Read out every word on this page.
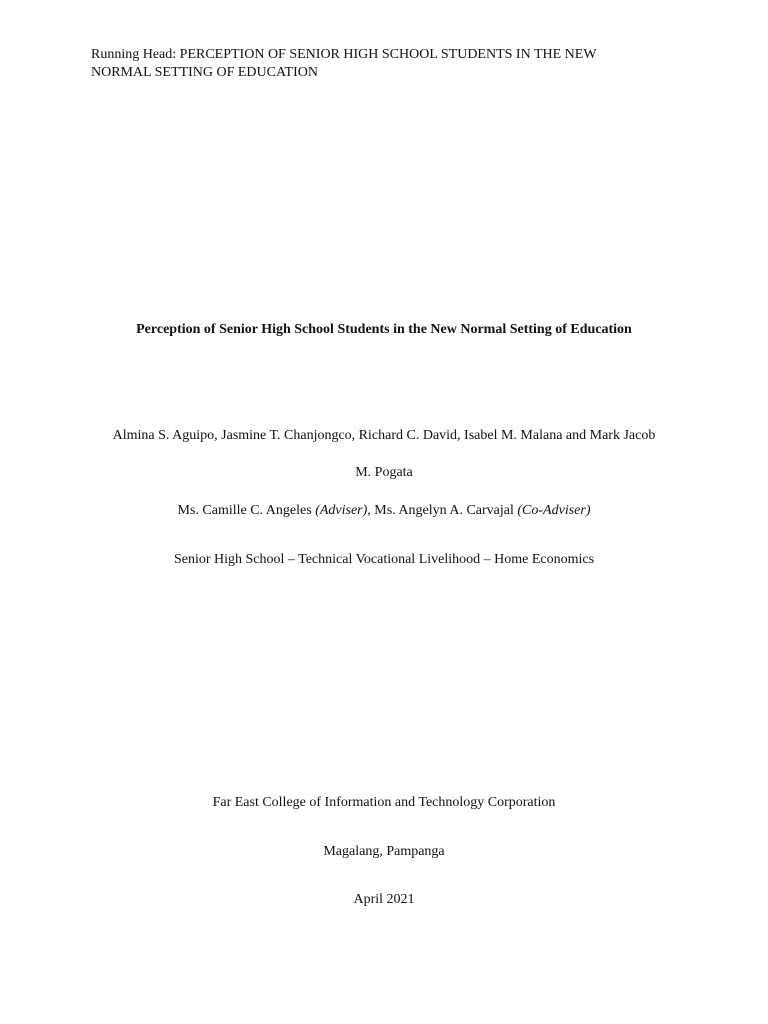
Running Head: PERCEPTION OF SENIOR HIGH SCHOOL STUDENTS IN THE NEW
NORMAL SETTING OF EDUCATION
Perception of Senior High School Students in the New Normal Setting of Education
Almina S. Aguipo, Jasmine T. Chanjongco, Richard C. David, Isabel M. Malana and Mark Jacob
M. Pogata
Ms. Camille C. Angeles (Adviser), Ms. Angelyn A. Carvajal (Co-Adviser)
Senior High School – Technical Vocational Livelihood – Home Economics
Far East College of Information and Technology Corporation
Magalang, Pampanga
April 2021
